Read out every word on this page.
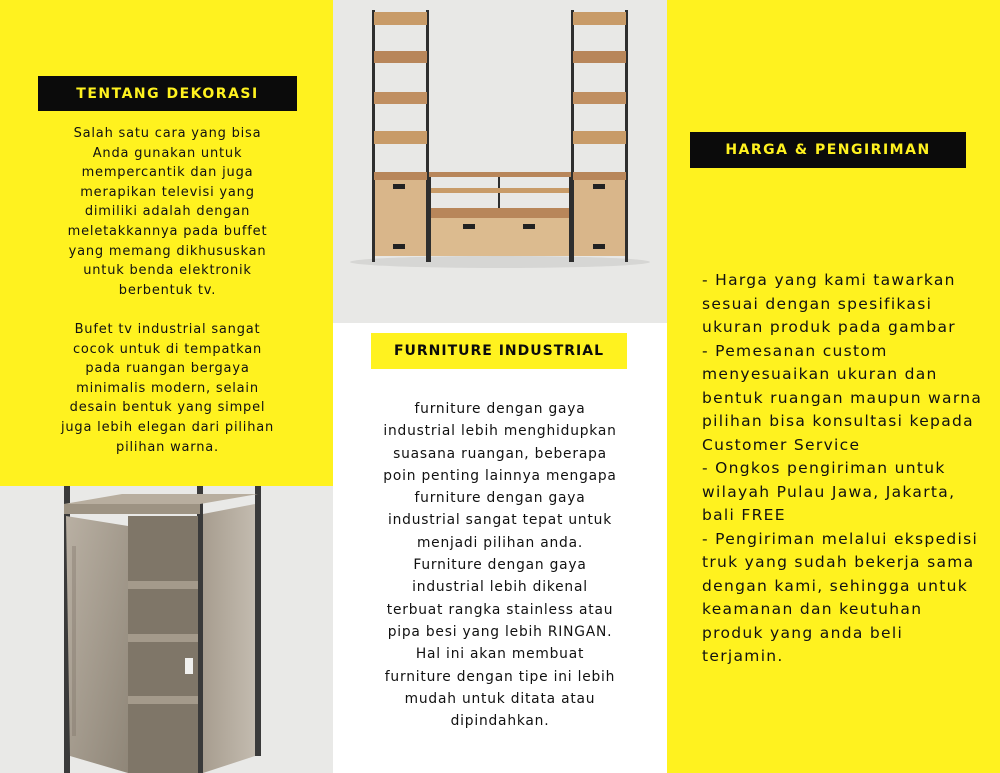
TENTANG DEKORASI
Salah satu cara yang bisa
Anda gunakan untuk
mempercantik dan juga
merapikan televisi yang
dimiliki adalah dengan
meletakkannya pada buffet
yang memang dikhususkan
untuk benda elektronik
berbentuk tv.

Bufet tv industrial sangat
cocok untuk di tempatkan
pada ruangan bergaya
minimalis modern, selain
desain bentuk yang simpel
juga lebih elegan dari pilihan
pilihan warna.
FURNITURE INDUSTRIAL
furniture dengan gaya
industrial lebih menghidupkan
suasana ruangan, beberapa
poin penting lainnya mengapa
furniture dengan gaya
industrial sangat tepat untuk
menjadi pilihan anda.
Furniture dengan gaya
industrial lebih dikenal
terbuat rangka stainless atau
pipa besi yang lebih RINGAN.
Hal ini akan membuat
furniture dengan tipe ini lebih
mudah untuk ditata atau
dipindahkan.
HARGA & PENGIRIMAN
- Harga yang kami tawarkan
sesuai dengan spesifikasi
ukuran produk pada gambar
- Pemesanan custom
menyesuaikan ukuran dan
bentuk ruangan maupun warna
pilihan bisa konsultasi kepada
Customer Service
- Ongkos pengiriman untuk
wilayah Pulau Jawa, Jakarta,
bali FREE
- Pengiriman melalui ekspedisi
truk yang sudah bekerja sama
dengan kami, sehingga untuk
keamanan dan keutuhan
produk yang anda beli
terjamin.
